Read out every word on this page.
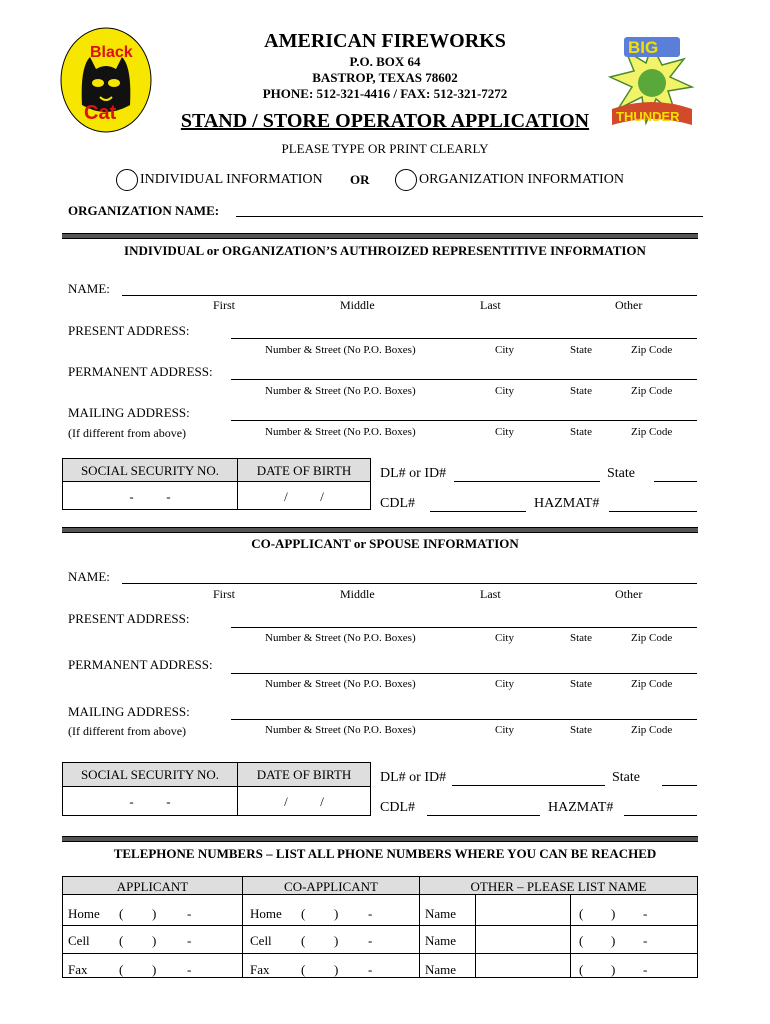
Black
Cat
BIG
THUNDER
AMERICAN FIREWORKS
P.O. BOX 64
BASTROP, TEXAS 78602
PHONE: 512-321-4416 / FAX: 512-321-7272
STAND / STORE OPERATOR APPLICATION
PLEASE TYPE OR PRINT CLEARLY
INDIVIDUAL INFORMATION OR	ORGANIZATION INFORMATION
ORGANIZATION NAME:
INDIVIDUAL or ORGANIZATION’S AUTHROIZED REPRESENTITIVE INFORMATION
NAME:
First	Middle	Last	Other
PRESENT ADDRESS:
Number & Street (No P.O. Boxes)	City	State	Zip Code
PERMANENT ADDRESS:
Number & Street (No P.O. Boxes)	City	State	Zip Code
MAILING ADDRESS:
(If different from above)	Number & Street (No P.O. Boxes)	City	State	Zip Code
SOCIAL SECURITY NO.	DATE OF BIRTH
-          -	/          /
DL# or ID#	State
CDL#	HAZMAT#
CO-APPLICANT or SPOUSE INFORMATION
NAME:
First	Middle	Last	Other
PRESENT ADDRESS:
Number & Street (No P.O. Boxes)	City	State	Zip Code
PERMANENT ADDRESS:
Number & Street (No P.O. Boxes)	City	State	Zip Code
MAILING ADDRESS:
(If different from above)	Number & Street (No P.O. Boxes)	City	State	Zip Code
SOCIAL SECURITY NO.	DATE OF BIRTH
-          -	/          /
DL# or ID#	State
CDL#	HAZMAT#
TELEPHONE NUMBERS – LIST ALL PHONE NUMBERS WHERE YOU CAN BE REACHED
APPLICANT	CO-APPLICANT	OTHER – PLEASE LIST NAME
Home ( ) -	Home ( ) -	Name	( ) -
Cell ( ) -	Cell ( ) -	Name	( ) -
Fax ( ) -	Fax ( ) -	Name	( ) -
